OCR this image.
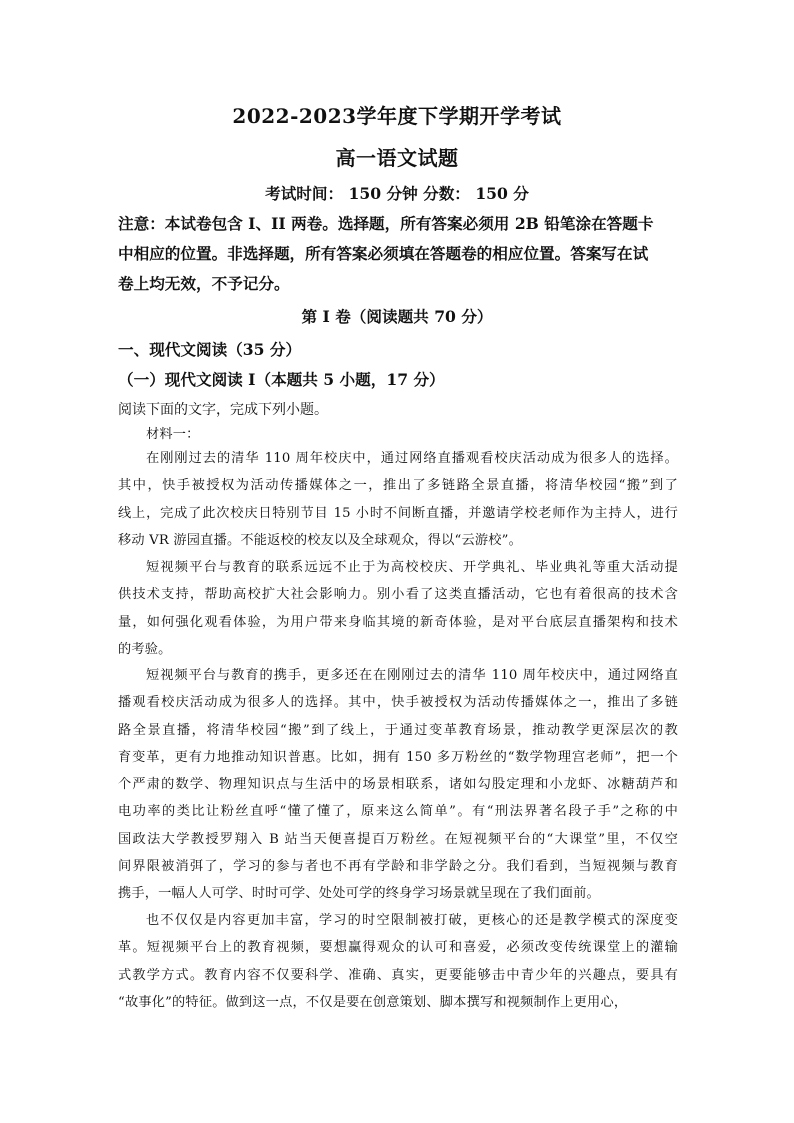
2022-2023学年度下学期开学考试
高一语文试题
考试时间： 150 分钟 分数： 150 分
注意：本试卷包含 I、II 两卷。选择题，所有答案必须用 2B 铅笔涂在答题卡
中相应的位置。非选择题，所有答案必须填在答题卷的相应位置。答案写在试
卷上均无效，不予记分。
第 I 卷（阅读题共 70 分）
一、现代文阅读（35 分）
（一）现代文阅读 I（本题共 5 小题，17 分）
阅读下面的文字，完成下列小题。
材料一：
在刚刚过去的清华 110 周年校庆中，通过网络直播观看校庆活动成为很多人的选择。
其中，快手被授权为活动传播媒体之一，推出了多链路全景直播，将清华校园“搬”到了
线上，完成了此次校庆日特别节目 15 小时不间断直播，并邀请学校老师作为主持人，进行
移动 VR 游园直播。不能返校的校友以及全球观众，得以“云游校”。
短视频平台与教育的联系远远不止于为高校校庆、开学典礼、毕业典礼等重大活动提
供技术支持，帮助高校扩大社会影响力。别小看了这类直播活动，它也有着很高的技术含
量，如何强化观看体验，为用户带来身临其境的新奇体验，是对平台底层直播架构和技术
的考验。
短视频平台与教育的携手，更多还在在刚刚过去的清华 110 周年校庆中，通过网络直
播观看校庆活动成为很多人的选择。其中，快手被授权为活动传播媒体之一，推出了多链
路全景直播，将清华校园“搬”到了线上，于通过变革教育场景，推动教学更深层次的教
育变革，更有力地推动知识普惠。比如，拥有 150 多万粉丝的“数学物理宫老师”，把一个
个严肃的数学、物理知识点与生活中的场景相联系，诸如勾股定理和小龙虾、冰糖葫芦和
电功率的类比让粉丝直呼“懂了懂了，原来这么简单”。有“刑法界著名段子手”之称的中
国政法大学教授罗翔入 B 站当天便喜提百万粉丝。在短视频平台的“大课堂”里，不仅空
间界限被消弭了，学习的参与者也不再有学龄和非学龄之分。我们看到，当短视频与教育
携手，一幅人人可学、时时可学、处处可学的终身学习场景就呈现在了我们面前。
也不仅仅是内容更加丰富，学习的时空限制被打破，更核心的还是教学模式的深度变
革。短视频平台上的教育视频，要想赢得观众的认可和喜爱，必须改变传统课堂上的灌输
式教学方式。教育内容不仅要科学、准确、真实，更要能够击中青少年的兴趣点，要具有
“故事化”的特征。做到这一点，不仅是要在创意策划、脚本撰写和视频制作上更用心，
